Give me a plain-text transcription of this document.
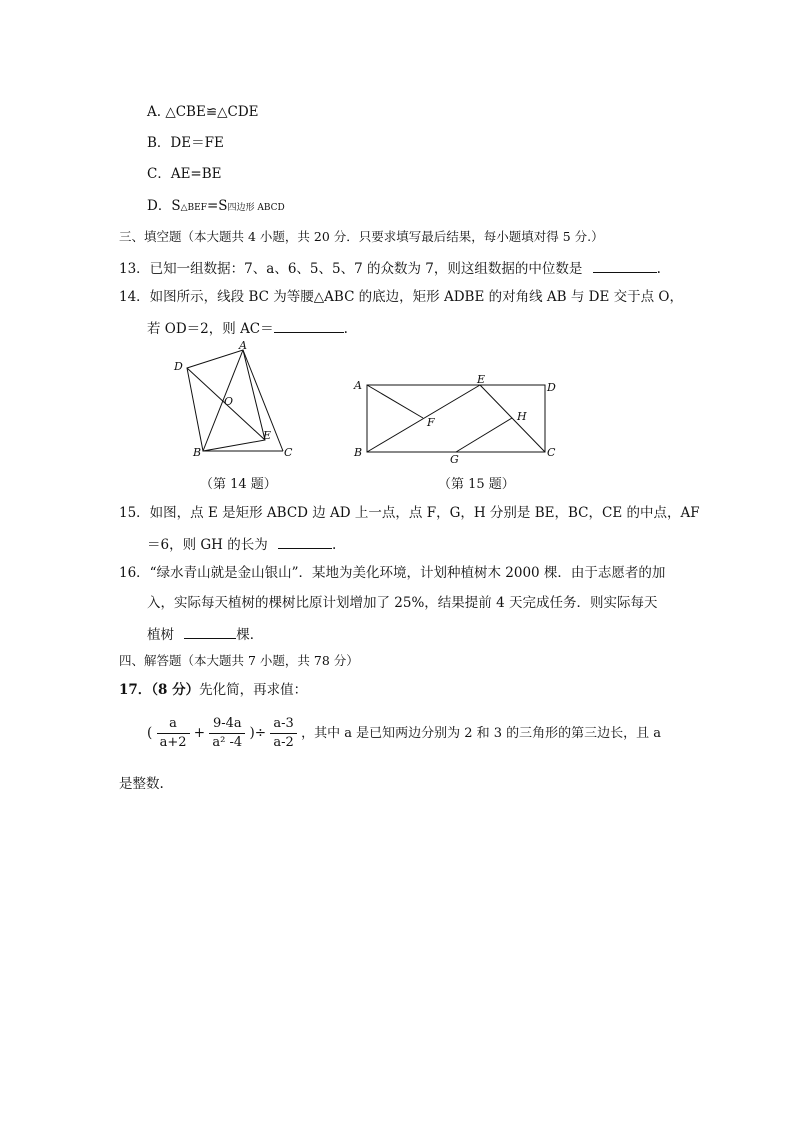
A. △CBE≌△CDE
B．DE＝FE
C．AE=BE
D．S△BEF=S四边形 ABCD
三、填空题（本大题共 4 小题，共 20 分．只要求填写最后结果，每小题填对得 5 分.）
13．已知一组数据：7、a、6、5、5、7 的众数为 7，则这组数据的中位数是	.
14．如图所示，线段 BC 为等腰△ABC 的底边，矩形 ADBE 的对角线 AB 与 DE 交于点 O，
若 OD＝2，则 AC＝	.
A
D
O
E
B	C
（第 14 题）
A	E
D
F	H
B
G
C
（第 15 题）
15．如图，点 E 是矩形 ABCD 边 AD 上一点，点 F，G，H 分别是 BE，BC，CE 的中点，AF
＝6，则 GH 的长为	.
16．“绿水青山就是金山银山”．某地为美化环境，计划种植树木 2000 棵．由于志愿者的加
入，实际每天植树的棵树比原计划增加了 25%，结果提前 4 天完成任务．则实际每天
植树	棵．
四、解答题（本大题共 7 小题，共 78 分）
17．（8 分）先化简，再求值：
( $\frac{a}{a+2} + \frac{9-4a}{\text{a² -4}}$ )÷ $\frac{a-3}{a-2}$ ，其中 a 是已知两边分别为 2 和 3 的三角形的第三边长，且 a
是整数.
